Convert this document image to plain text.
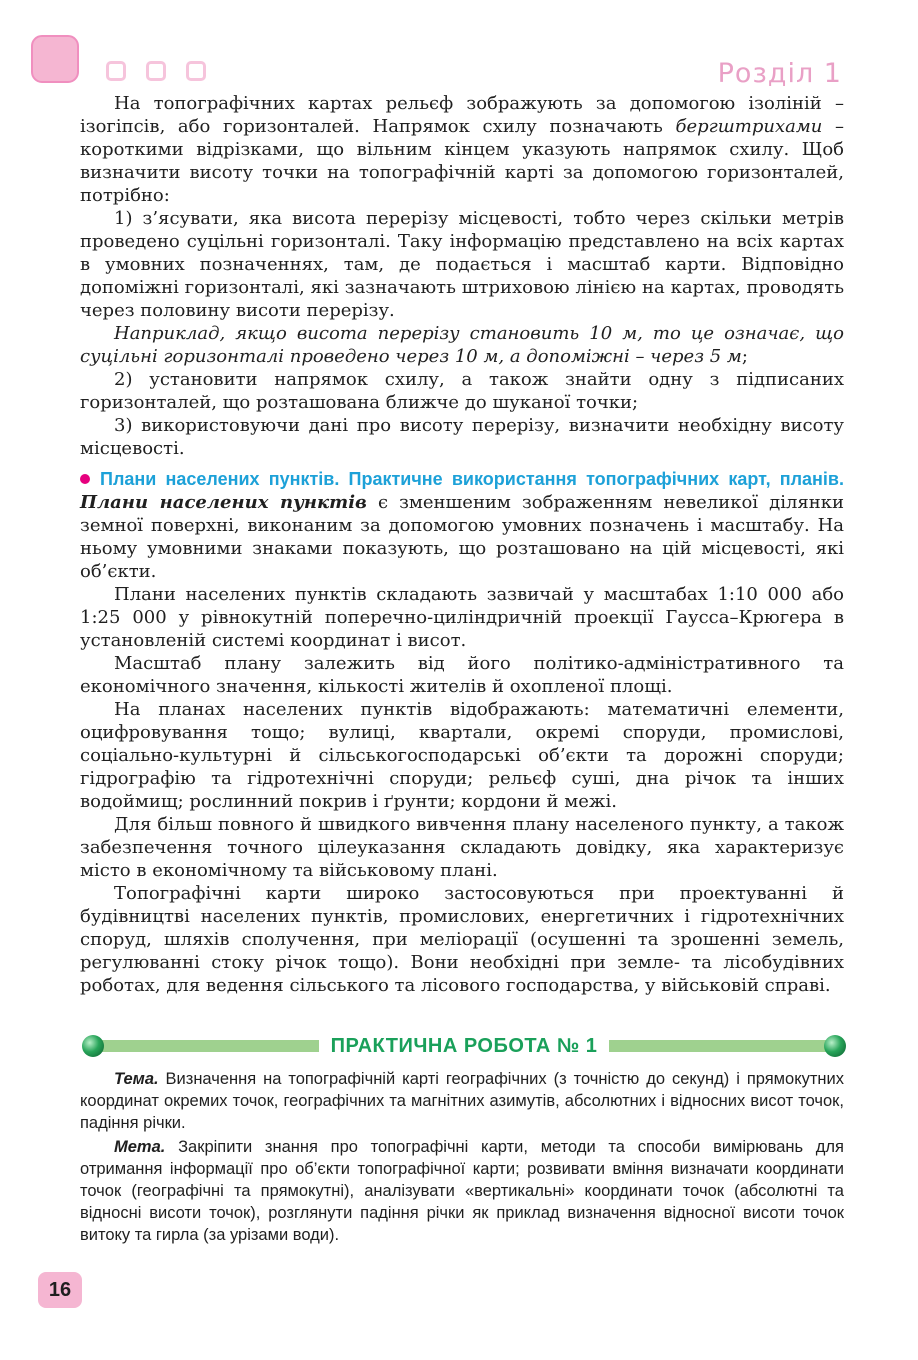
Розділ 1

На топографічних картах рельєф зображують за допомогою ізоліній – ізогіпсів, або горизонталей. Напрямок схилу позначають бергштрихами – короткими відрізками, що вільним кінцем указують напрямок схилу. Щоб визначити висоту точки на топографічній карті за допомогою горизонталей, потрібно:

1) з’ясувати, яка висота перерізу місцевості, тобто через скільки метрів проведено суцільні горизонталі. Таку інформацію представлено на всіх картах в умовних позначеннях, там, де подається і масштаб карти. Відповідно допоміжні горизонталі, які зазначають штриховою лінією на картах, проводять через половину висоти перерізу.

Наприклад, якщо висота перерізу становить 10 м, то це означає, що суцільні горизонталі проведено через 10 м, а допоміжні – через 5 м;

2) установити напрямок схилу, а також знайти одну з підписаних горизонталей, що розташована ближче до шуканої точки;

3) використовуючи дані про висоту перерізу, визначити необхідну висоту місцевості.

Плани населених пунктів. Практичне використання топографічних карт, планів. Плани населених пунктів є зменшеним зображенням невеликої ділянки земної поверхні, виконаним за допомогою умовних позначень і масштабу. На ньому умовними знаками показують, що розташовано на цій місцевості, які об’єкти.

Плани населених пунктів складають зазвичай у масштабах 1:10 000 або 1:25 000 у рівнокутній поперечно-циліндричній проекції Гаусса–Крюгера в установленій системі координат і висот.

Масштаб плану залежить від його політико-адміністративного та економічного значення, кількості жителів й охопленої площі.

На планах населених пунктів відображають: математичні елементи, оцифровування тощо; вулиці, квартали, окремі споруди, промислові, соціально-культурні й сільськогосподарські об’єкти та дорожні споруди; гідрографію та гідротехнічні споруди; рельєф суші, дна річок та інших водоймищ; рослинний покрив і ґрунти; кордони й межі.

Для більш повного й швидкого вивчення плану населеного пункту, а також забезпечення точного цілеуказання складають довідку, яка характеризує місто в економічному та військовому плані.

Топографічні карти широко застосовуються при проектуванні й будівництві населених пунктів, промислових, енергетичних і гідротехнічних споруд, шляхів сполучення, при меліорації (осушенні та зрошенні земель, регулюванні стоку річок тощо). Вони необхідні при земле- та лісобудівних роботах, для ведення сільського та лісового господарства, у військовій справі.

ПРАКТИЧНА РОБОТА № 1

Тема. Визначення на топографічній карті географічних (з точністю до секунд) і прямокутних координат окремих точок, географічних та магнітних азимутів, абсолютних і відносних висот точок, падіння річки.

Мета. Закріпити знання про топографічні карти, методи та способи вимірювань для отримання інформації про об’єкти топографічної карти; розвивати вміння визначати координати точок (географічні та прямокутні), аналізувати «вертикальні» координати точок (абсолютні та відносні висоти точок), розглянути падіння річки як приклад визначення відносної висоти точок витоку та гирла (за урізами води).

16
